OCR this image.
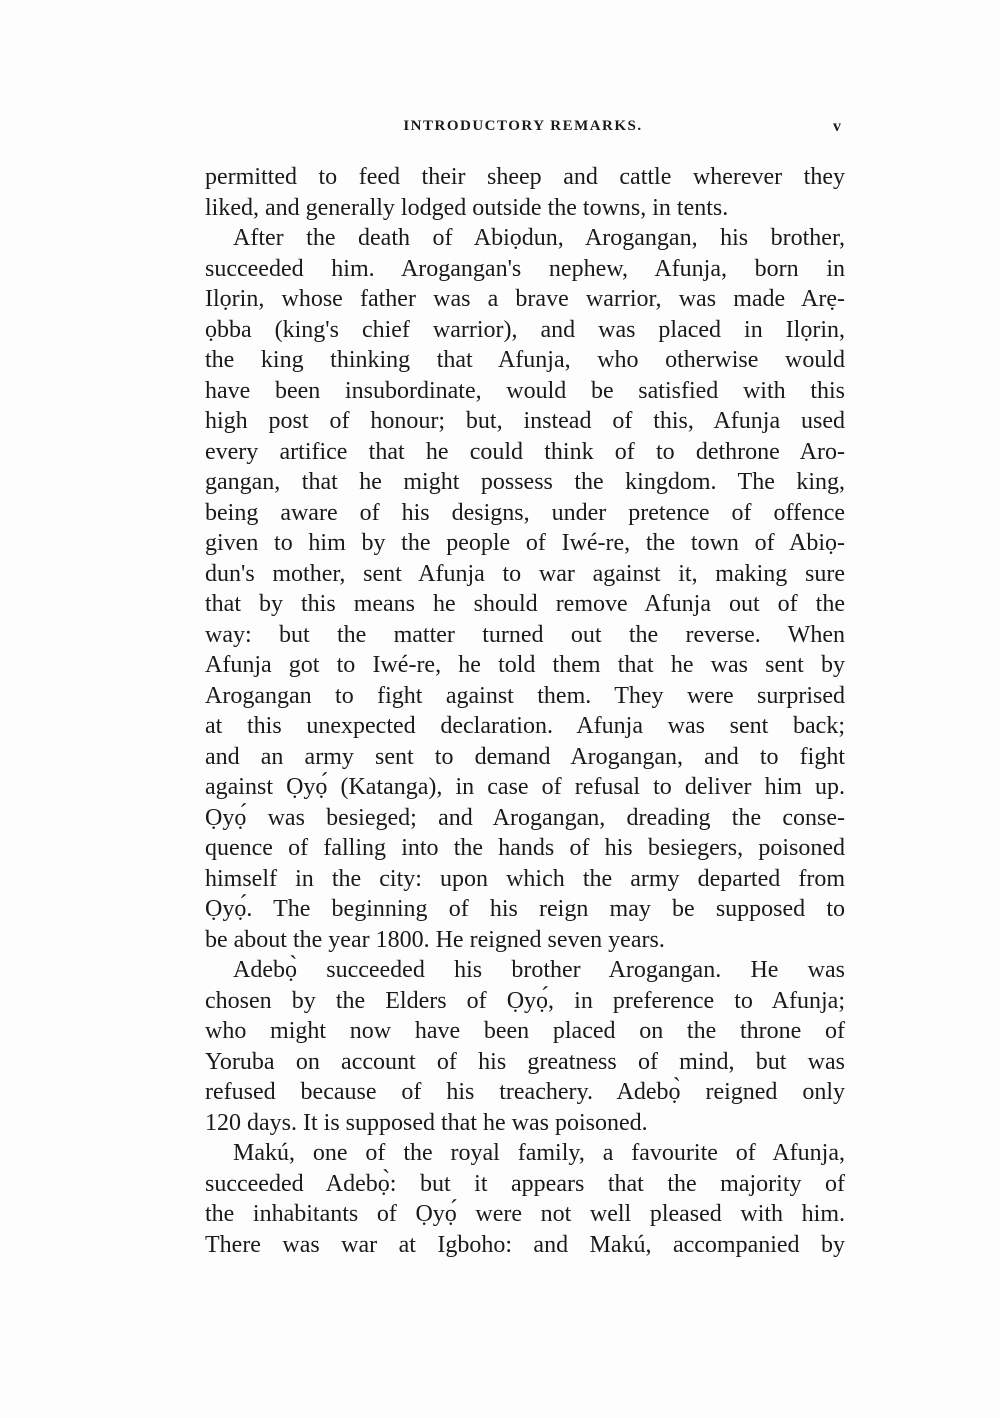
INTRODUCTORY REMARKS.	v
permitted to feed their sheep and cattle wherever they
liked, and generally lodged outside the towns, in tents.
After the death of Abiọdun, Arogangan, his brother,
succeeded him. Arogangan's nephew, Afunja, born in
Ilọrin, whose father was a brave warrior, was made Arẹ-
ọbba (king's chief warrior), and was placed in Ilọrin,
the king thinking that Afunja, who otherwise would
have been insubordinate, would be satisfied with this
high post of honour; but, instead of this, Afunja used
every artifice that he could think of to dethrone Aro-
gangan, that he might possess the kingdom. The king,
being aware of his designs, under pretence of offence
given to him by the people of Iwé-re, the town of Abiọ-
dun's mother, sent Afunja to war against it, making sure
that by this means he should remove Afunja out of the
way: but the matter turned out the reverse. When
Afunja got to Iwé-re, he told them that he was sent by
Arogangan to fight against them. They were surprised
at this unexpected declaration. Afunja was sent back;
and an army sent to demand Arogangan, and to fight
against Ọyọ́ (Katanga), in case of refusal to deliver him up.
Ọyọ́ was besieged; and Arogangan, dreading the conse-
quence of falling into the hands of his besiegers, poisoned
himself in the city: upon which the army departed from
Ọyọ́. The beginning of his reign may be supposed to
be about the year 1800. He reigned seven years.
Adebọ̀ succeeded his brother Arogangan. He was
chosen by the Elders of Ọyọ́, in preference to Afunja;
who might now have been placed on the throne of
Yoruba on account of his greatness of mind, but was
refused because of his treachery. Adebọ̀ reigned only
120 days. It is supposed that he was poisoned.
Makú, one of the royal family, a favourite of Afunja,
succeeded Adebọ̀: but it appears that the majority of
the inhabitants of Ọyọ́ were not well pleased with him.
There was war at Igboho: and Makú, accompanied by
